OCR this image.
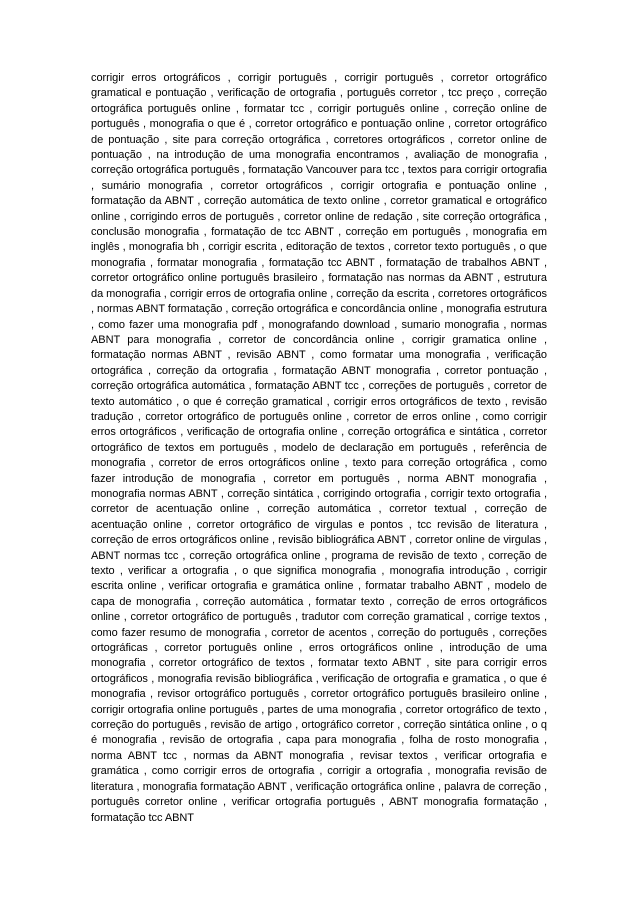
corrigir erros ortográficos , corrigir português , corrigir português , corretor ortográfico gramatical e pontuação , verificação de ortografia , português corretor , tcc preço , correção ortográfica português online , formatar tcc , corrigir português online , correção online de português , monografia o que é , corretor ortográfico e pontuação online , corretor ortográfico de pontuação , site para correção ortográfica , corretores ortográficos , corretor online de pontuação , na introdução de uma monografia encontramos , avaliação de monografia , correção ortográfica português , formatação Vancouver para tcc , textos para corrigir ortografia , sumário monografia , corretor ortográficos , corrigir ortografia e pontuação online , formatação da ABNT , correção automática de texto online , corretor gramatical e ortográfico online , corrigindo erros de português , corretor online de redação , site correção ortográfica , conclusão monografia , formatação de tcc ABNT , correção em português , monografia em inglês , monografia bh , corrigir escrita , editoração de textos , corretor texto português , o que monografia , formatar monografia , formatação tcc ABNT , formatação de trabalhos ABNT , corretor ortográfico online português brasileiro , formatação nas normas da ABNT , estrutura da monografia , corrigir erros de ortografia online , correção da escrita , corretores ortográficos , normas ABNT formatação , correção ortográfica e concordância online , monografia estrutura , como fazer uma monografia pdf , monografando download , sumario monografia , normas ABNT para monografia , corretor de concordância online , corrigir gramatica online , formatação normas ABNT , revisão ABNT , como formatar uma monografia , verificação ortográfica , correção da ortografia , formatação ABNT monografia , corretor pontuação , correção ortográfica automática , formatação ABNT tcc , correções de português , corretor de texto automático , o que é correção gramatical , corrigir erros ortográficos de texto , revisão tradução , corretor ortográfico de português online , corretor de erros online , como corrigir erros ortográficos , verificação de ortografia online , correção ortográfica e sintática , corretor ortográfico de textos em português , modelo de declaração em português , referência de monografia , corretor de erros ortográficos online , texto para correção ortográfica , como fazer introdução de monografia , corretor em português , norma ABNT monografia , monografia normas ABNT , correção sintática , corrigindo ortografia , corrigir texto ortografia , corretor de acentuação online , correção automática , corretor textual , correção de acentuação online , corretor ortográfico de virgulas e pontos , tcc revisão de literatura , correção de erros ortográficos online , revisão bibliográfica ABNT , corretor online de virgulas , ABNT normas tcc , correção ortográfica online , programa de revisão de texto , correção de texto , verificar a ortografia , o que significa monografia , monografia introdução , corrigir escrita online , verificar ortografia e gramática online , formatar trabalho ABNT , modelo de capa de monografia , correção automática , formatar texto , correção de erros ortográficos online , corretor ortográfico de português , tradutor com correção gramatical , corrige textos , como fazer resumo de monografia , corretor de acentos , correção do português , correções ortográficas , corretor português online , erros ortográficos online , introdução de uma monografia , corretor ortográfico de textos , formatar texto ABNT , site para corrigir erros ortográficos , monografia revisão bibliográfica , verificação de ortografia e gramatica , o que é monografia , revisor ortográfico português , corretor ortográfico português brasileiro online , corrigir ortografia online português , partes de uma monografia , corretor ortográfico de texto , correção do português , revisão de artigo , ortográfico corretor , correção sintática online , o q é monografia , revisão de ortografia , capa para monografia , folha de rosto monografia , norma ABNT tcc , normas da ABNT monografia , revisar textos , verificar ortografia e gramática , como corrigir erros de ortografia , corrigir a ortografia , monografia revisão de literatura , monografia formatação ABNT , verificação ortográfica online , palavra de correção , português corretor online , verificar ortografia português , ABNT monografia formatação , formatação tcc ABNT
